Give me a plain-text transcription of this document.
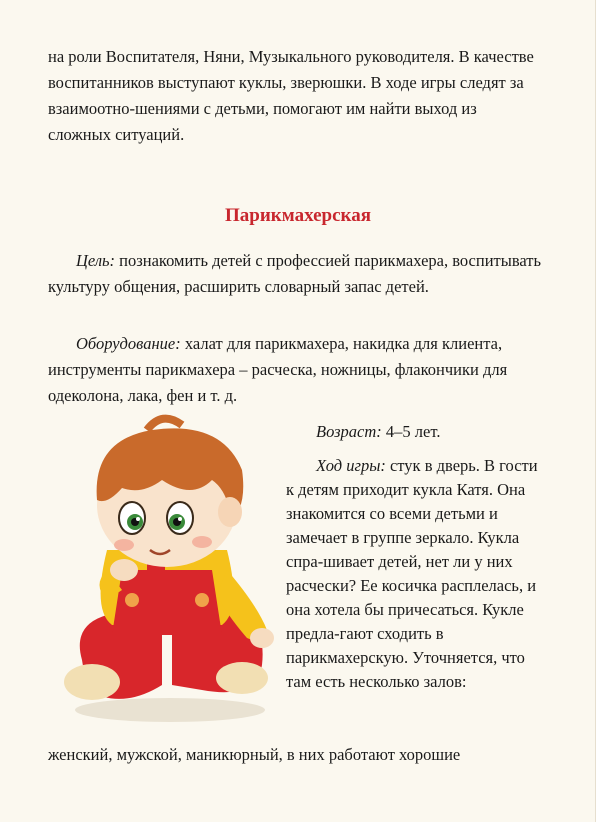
на роли Воспитателя, Няни, Музыкального руководителя. В качестве воспитанников выступают куклы, зверюшки. В ходе игры следят за взаимоотно-шениями с детьми, помогают им найти выход из сложных ситуаций.
Парикмахерская
Цель: познакомить детей с профессией парикмахера, воспитывать культуру общения, расширить словарный запас детей.
Оборудование: халат для парикмахера, накидка для клиента, инструменты парикмахера – расческа, ножницы, флакончики для одеколона, лака, фен и т. д.
Возраст: 4–5 лет.
Ход игры: стук в дверь. В гости к детям приходит кукла Катя. Она знакомится со всеми детьми и замечает в группе зеркало. Кукла спра-шивает детей, нет ли у них расчески? Ее косичка расплелась, и она хотела бы причесаться. Кукле предла-гают сходить в парикмахерскую. Уточняется, что там есть несколько залов:
женский, мужской, маникюрный, в них работают хорошие
